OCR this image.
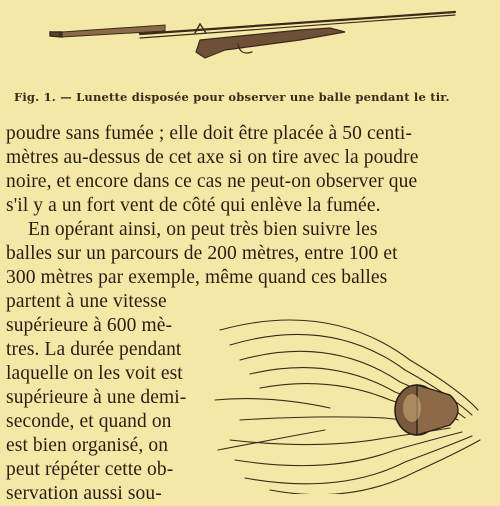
Fig. 1. — Lunette disposée pour observer une balle pendant le tir.
poudre sans fumée ; elle doit être placée à 50 centi-
mètres au-dessus de cet axe si on tire avec la poudre
noire, et encore dans ce cas ne peut-on observer que
s'il y a un fort vent de côté qui enlève la fumée.
En opérant ainsi, on peut très bien suivre les
balles sur un parcours de 200 mètres, entre 100 et
300 mètres par exemple, même quand ces balles
partent à une vitesse
supérieure à 600 mè-
tres. La durée pendant
laquelle on les voit est
supérieure à une demi-
seconde, et quand on
est bien organisé, on
peut répéter cette ob-
servation aussi sou-
